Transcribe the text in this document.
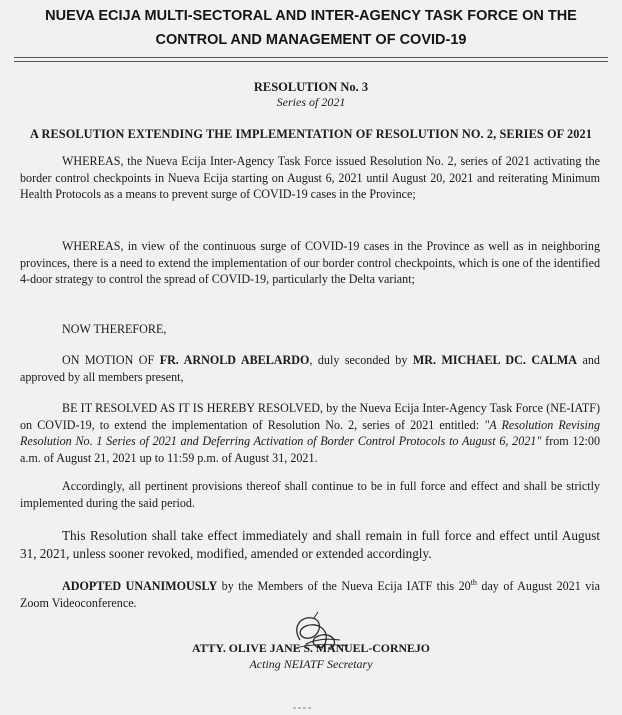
NUEVA ECIJA MULTI-SECTORAL AND INTER-AGENCY TASK FORCE ON THE
CONTROL AND MANAGEMENT OF COVID-19
RESOLUTION No. 3
Series of 2021
A RESOLUTION EXTENDING THE IMPLEMENTATION OF RESOLUTION NO. 2, SERIES OF 2021
WHEREAS, the Nueva Ecija Inter-Agency Task Force issued Resolution No. 2, series of 2021 activating the border control checkpoints in Nueva Ecija starting on August 6, 2021 until August 20, 2021 and reiterating Minimum Health Protocols as a means to prevent surge of COVID-19 cases in the Province;
WHEREAS, in view of the continuous surge of COVID-19 cases in the Province as well as in neighboring provinces, there is a need to extend the implementation of our border control checkpoints, which is one of the identified 4-door strategy to control the spread of COVID-19, particularly the Delta variant;
NOW THEREFORE,
ON MOTION OF FR. ARNOLD ABELARDO, duly seconded by MR. MICHAEL DC. CALMA and approved by all members present,
BE IT RESOLVED AS IT IS HEREBY RESOLVED, by the Nueva Ecija Inter-Agency Task Force (NE-IATF) on COVID-19, to extend the implementation of Resolution No. 2, series of 2021 entitled: "A Resolution Revising Resolution No. 1 Series of 2021 and Deferring Activation of Border Control Protocols to August 6, 2021" from 12:00 a.m. of August 21, 2021 up to 11:59 p.m. of August 31, 2021.
Accordingly, all pertinent provisions thereof shall continue to be in full force and effect and shall be strictly implemented during the said period.
This Resolution shall take effect immediately and shall remain in full force and effect until August 31, 2021, unless sooner revoked, modified, amended or extended accordingly.
ADOPTED UNANIMOUSLY by the Members of the Nueva Ecija IATF this 20th day of August 2021 via Zoom Videoconference.
ATTY. OLIVE JANE S. MANUEL-CORNEJO
Acting NEIATF Secretary
